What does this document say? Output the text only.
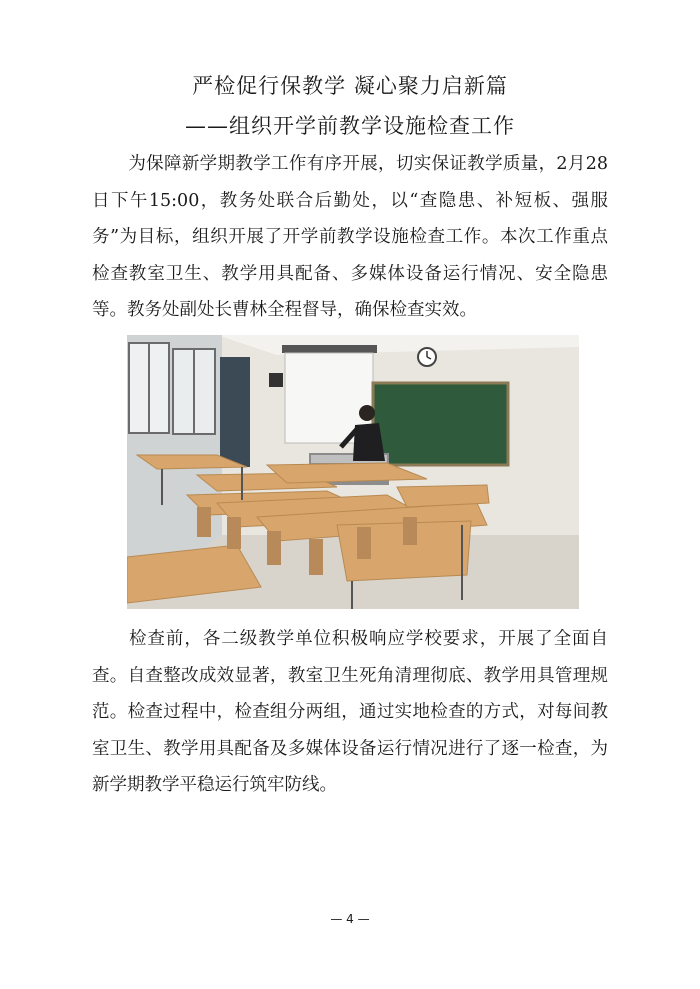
严检促行保教学 凝心聚力启新篇
——组织开学前教学设施检查工作

为保障新学期教学工作有序开展，切实保证教学质量，2月28日下午15:00，教务处联合后勤处，以“查隐患、补短板、强服务”为目标，组织开展了开学前教学设施检查工作。本次工作重点检查教室卫生、教学用具配备、多媒体设备运行情况、安全隐患等。教务处副处长曹林全程督导，确保检查实效。

检查前，各二级教学单位积极响应学校要求，开展了全面自查。自查整改成效显著，教室卫生死角清理彻底、教学用具管理规范。检查过程中，检查组分两组，通过实地检查的方式，对每间教室卫生、教学用具配备及多媒体设备运行情况进行了逐一检查，为新学期教学平稳运行筑牢防线。

— 4 —
